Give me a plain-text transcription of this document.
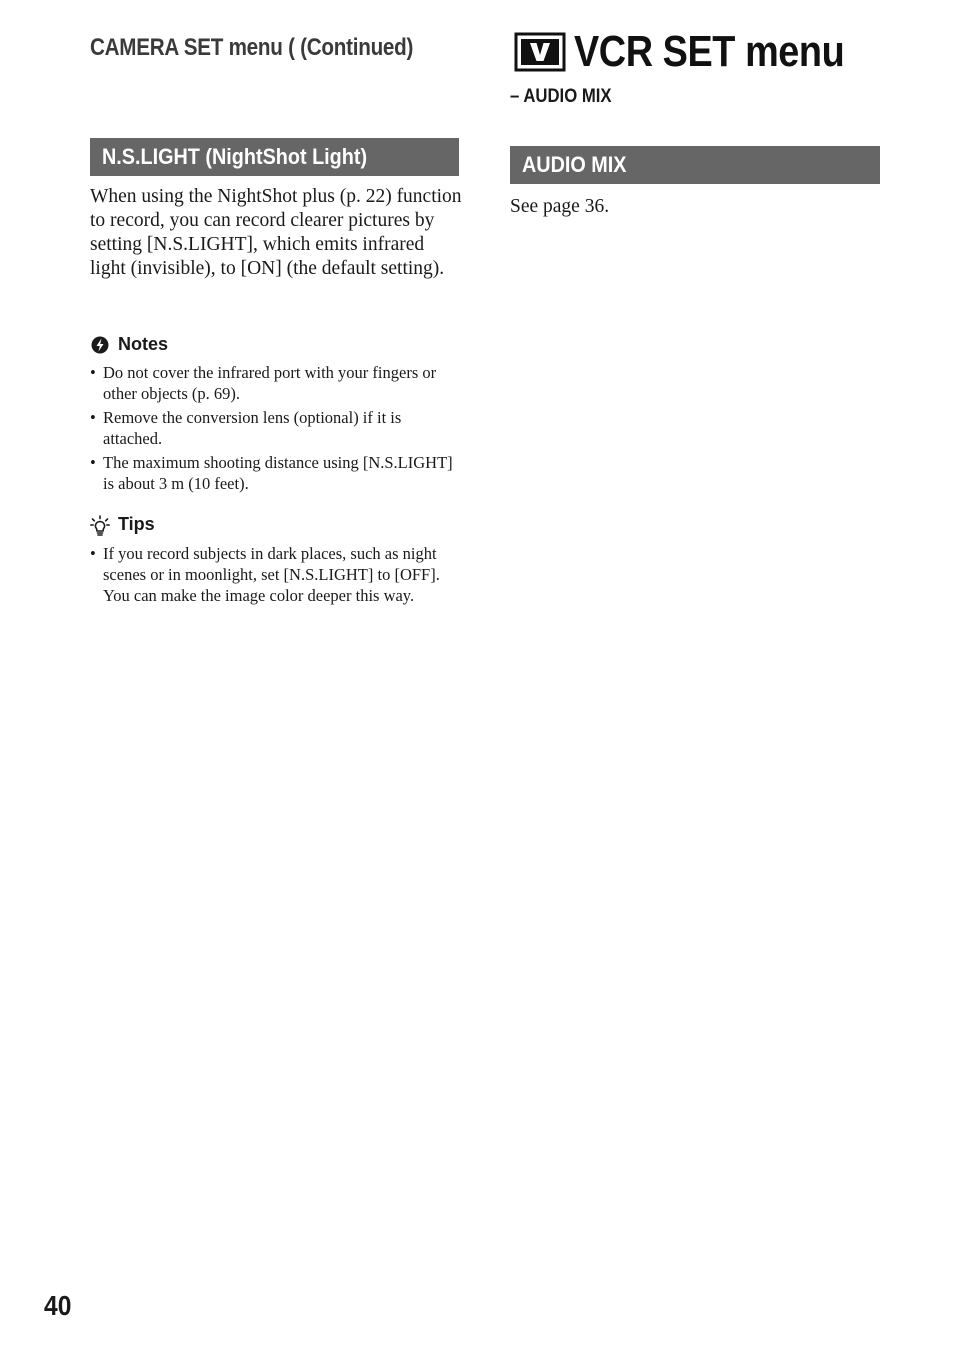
CAMERA SET menu ( (Continued)
N.S.LIGHT (NightShot Light)

When using the NightShot plus (p. 22) function to record, you can record clearer pictures by setting [N.S.LIGHT], which emits infrared light (invisible), to [ON] (the default setting).

Notes
• Do not cover the infrared port with your fingers or other objects (p. 69).
• Remove the conversion lens (optional) if it is attached.
• The maximum shooting distance using [N.S.LIGHT] is about 3 m (10 feet).
Tips
• If you record subjects in dark places, such as night scenes or in moonlight, set [N.S.LIGHT] to [OFF]. You can make the image color deeper this way.
VCR SET menu
– AUDIO MIX
AUDIO MIX

See page 36.

40
